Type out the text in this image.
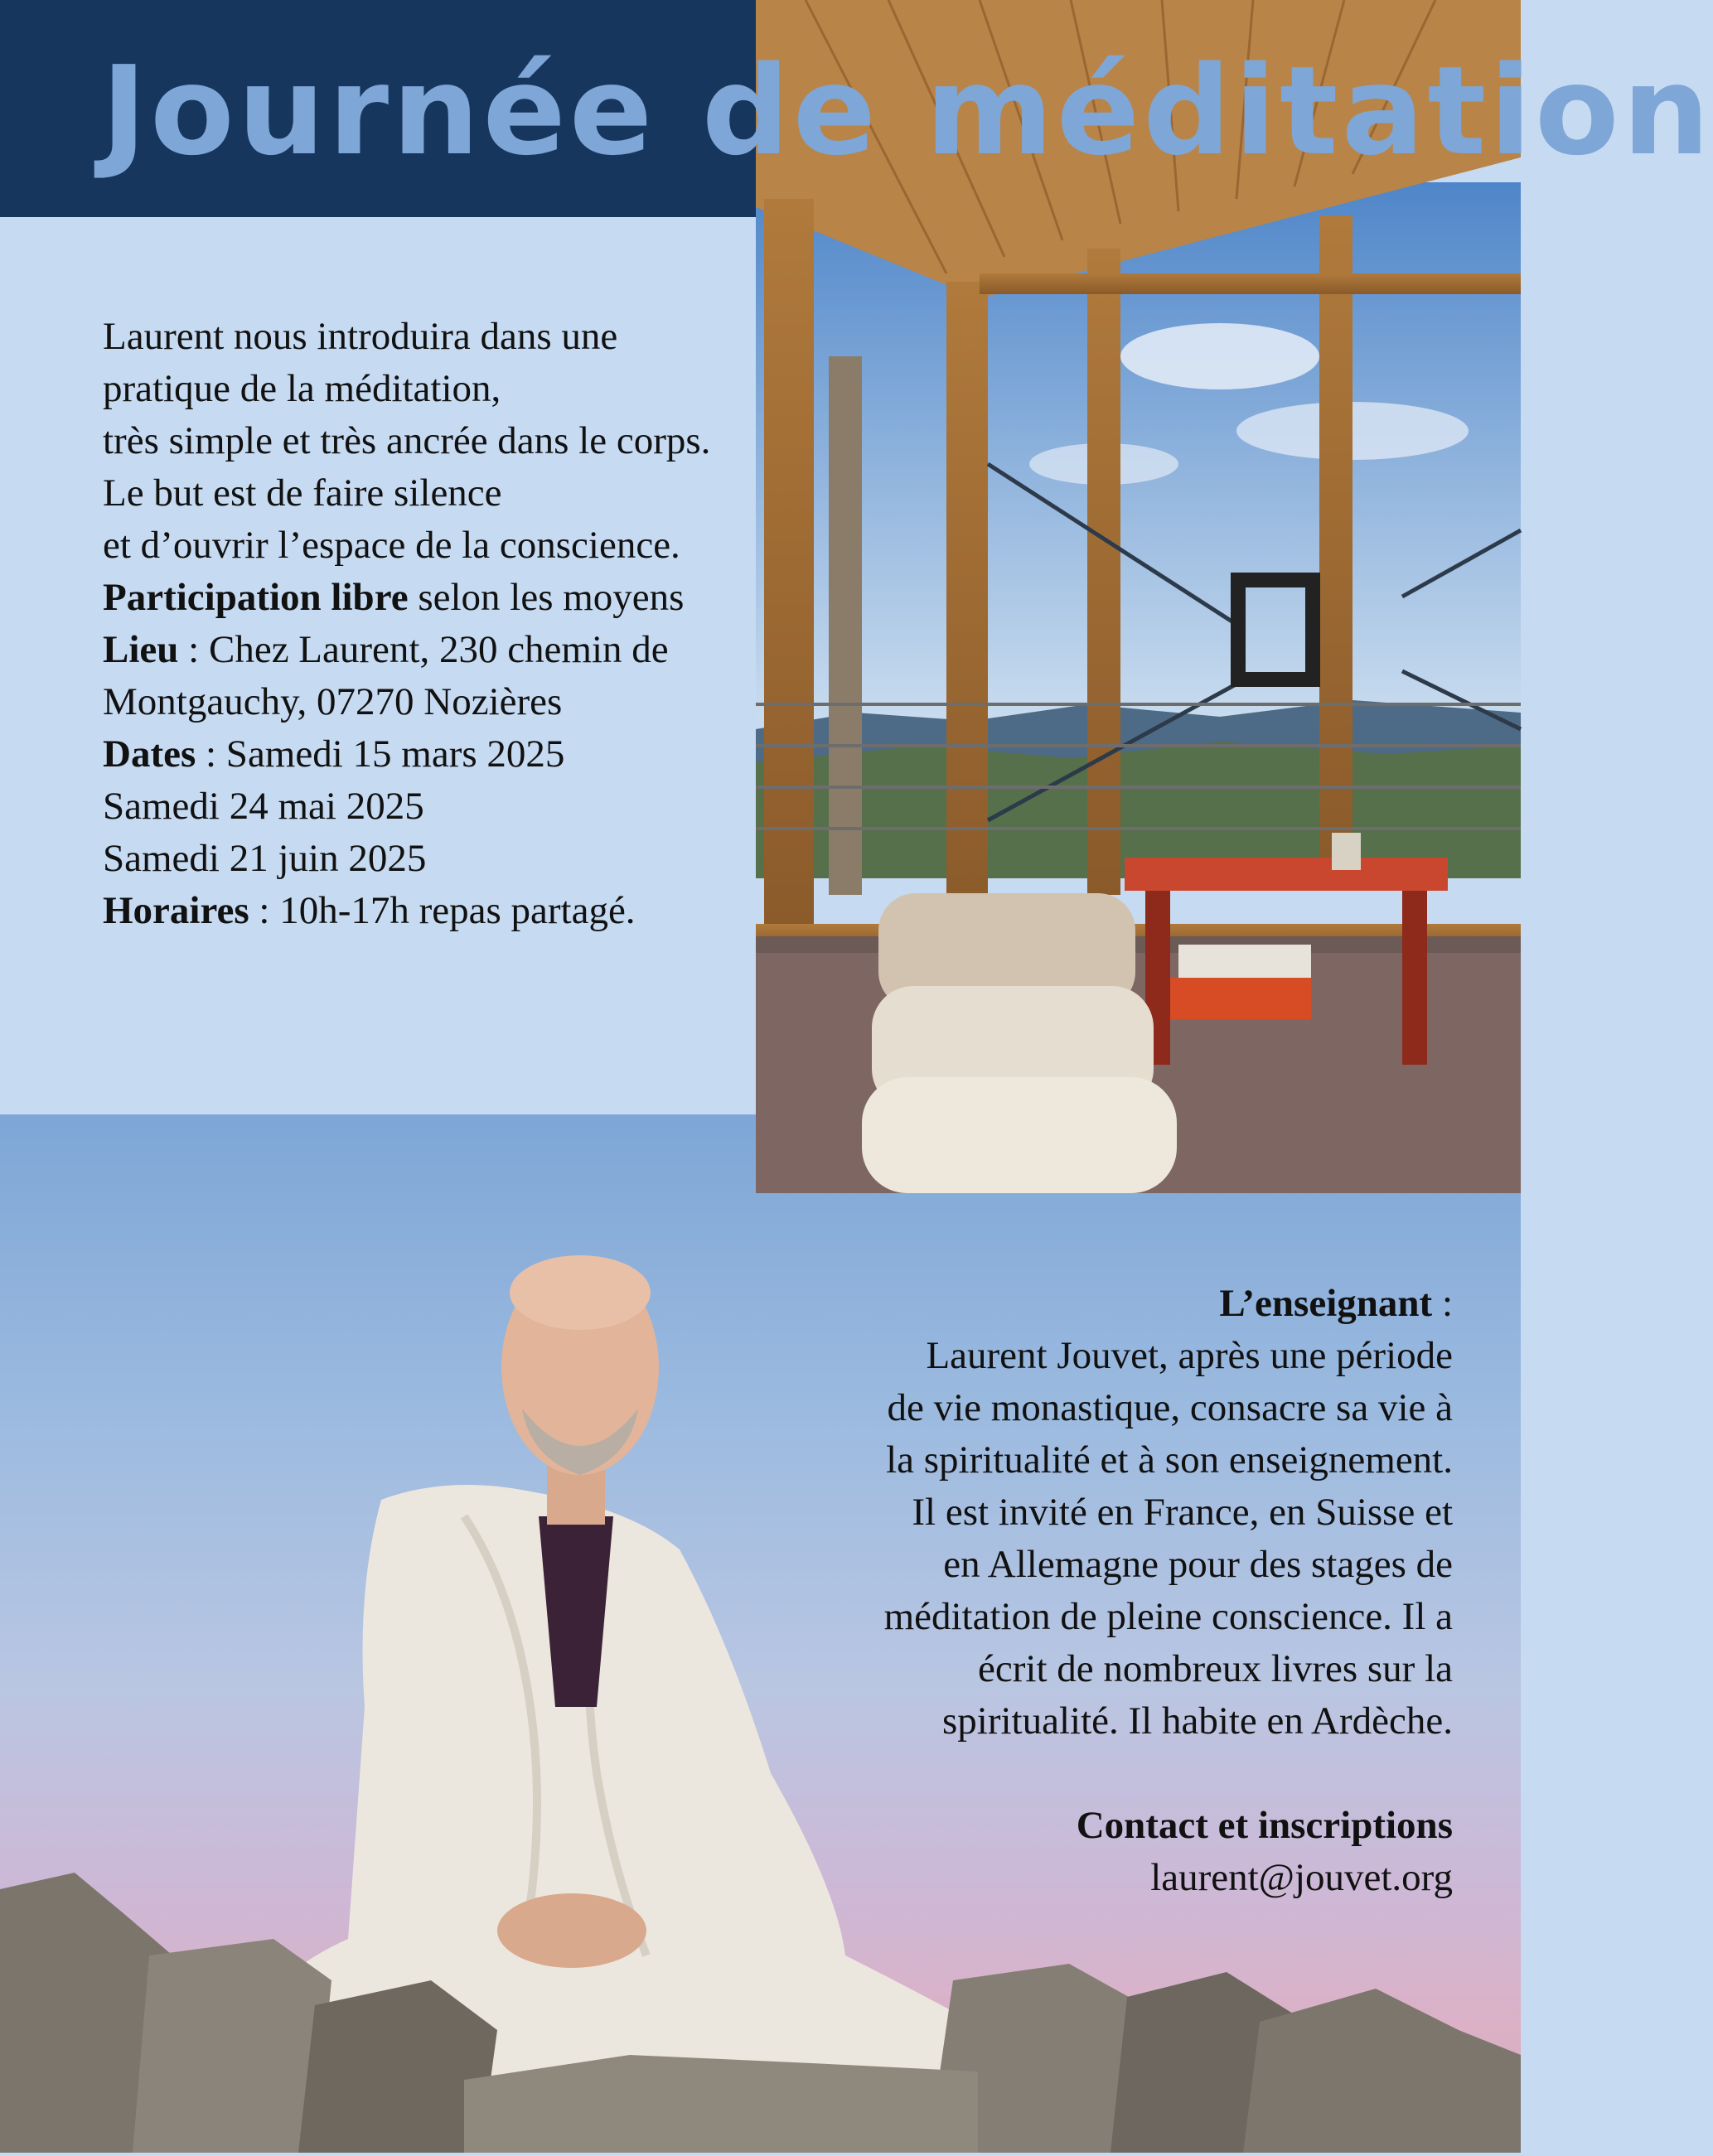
Journée de méditation

Laurent nous introduira dans une

pratique de la méditation,

très simple et très ancrée dans le corps.

Le but est de faire silence

et d’ouvrir l’espace de la conscience.

Participation libre selon les moyens

Lieu : Chez Laurent, 230 chemin de

Montgauchy, 07270 Nozières

Dates : Samedi 15 mars 2025

Samedi 24 mai 2025

Samedi 21 juin 2025

Horaires : 10h-17h repas partagé.

L’enseignant :

Laurent Jouvet, après une période

de vie monastique, consacre sa vie à

la spiritualité et à son enseignement.

Il est invité en France, en Suisse et

en Allemagne pour des stages de

méditation de pleine conscience. Il a

écrit de nombreux livres sur la

spiritualité. Il habite en Ardèche.

Contact et inscriptions

laurent@jouvet.org
